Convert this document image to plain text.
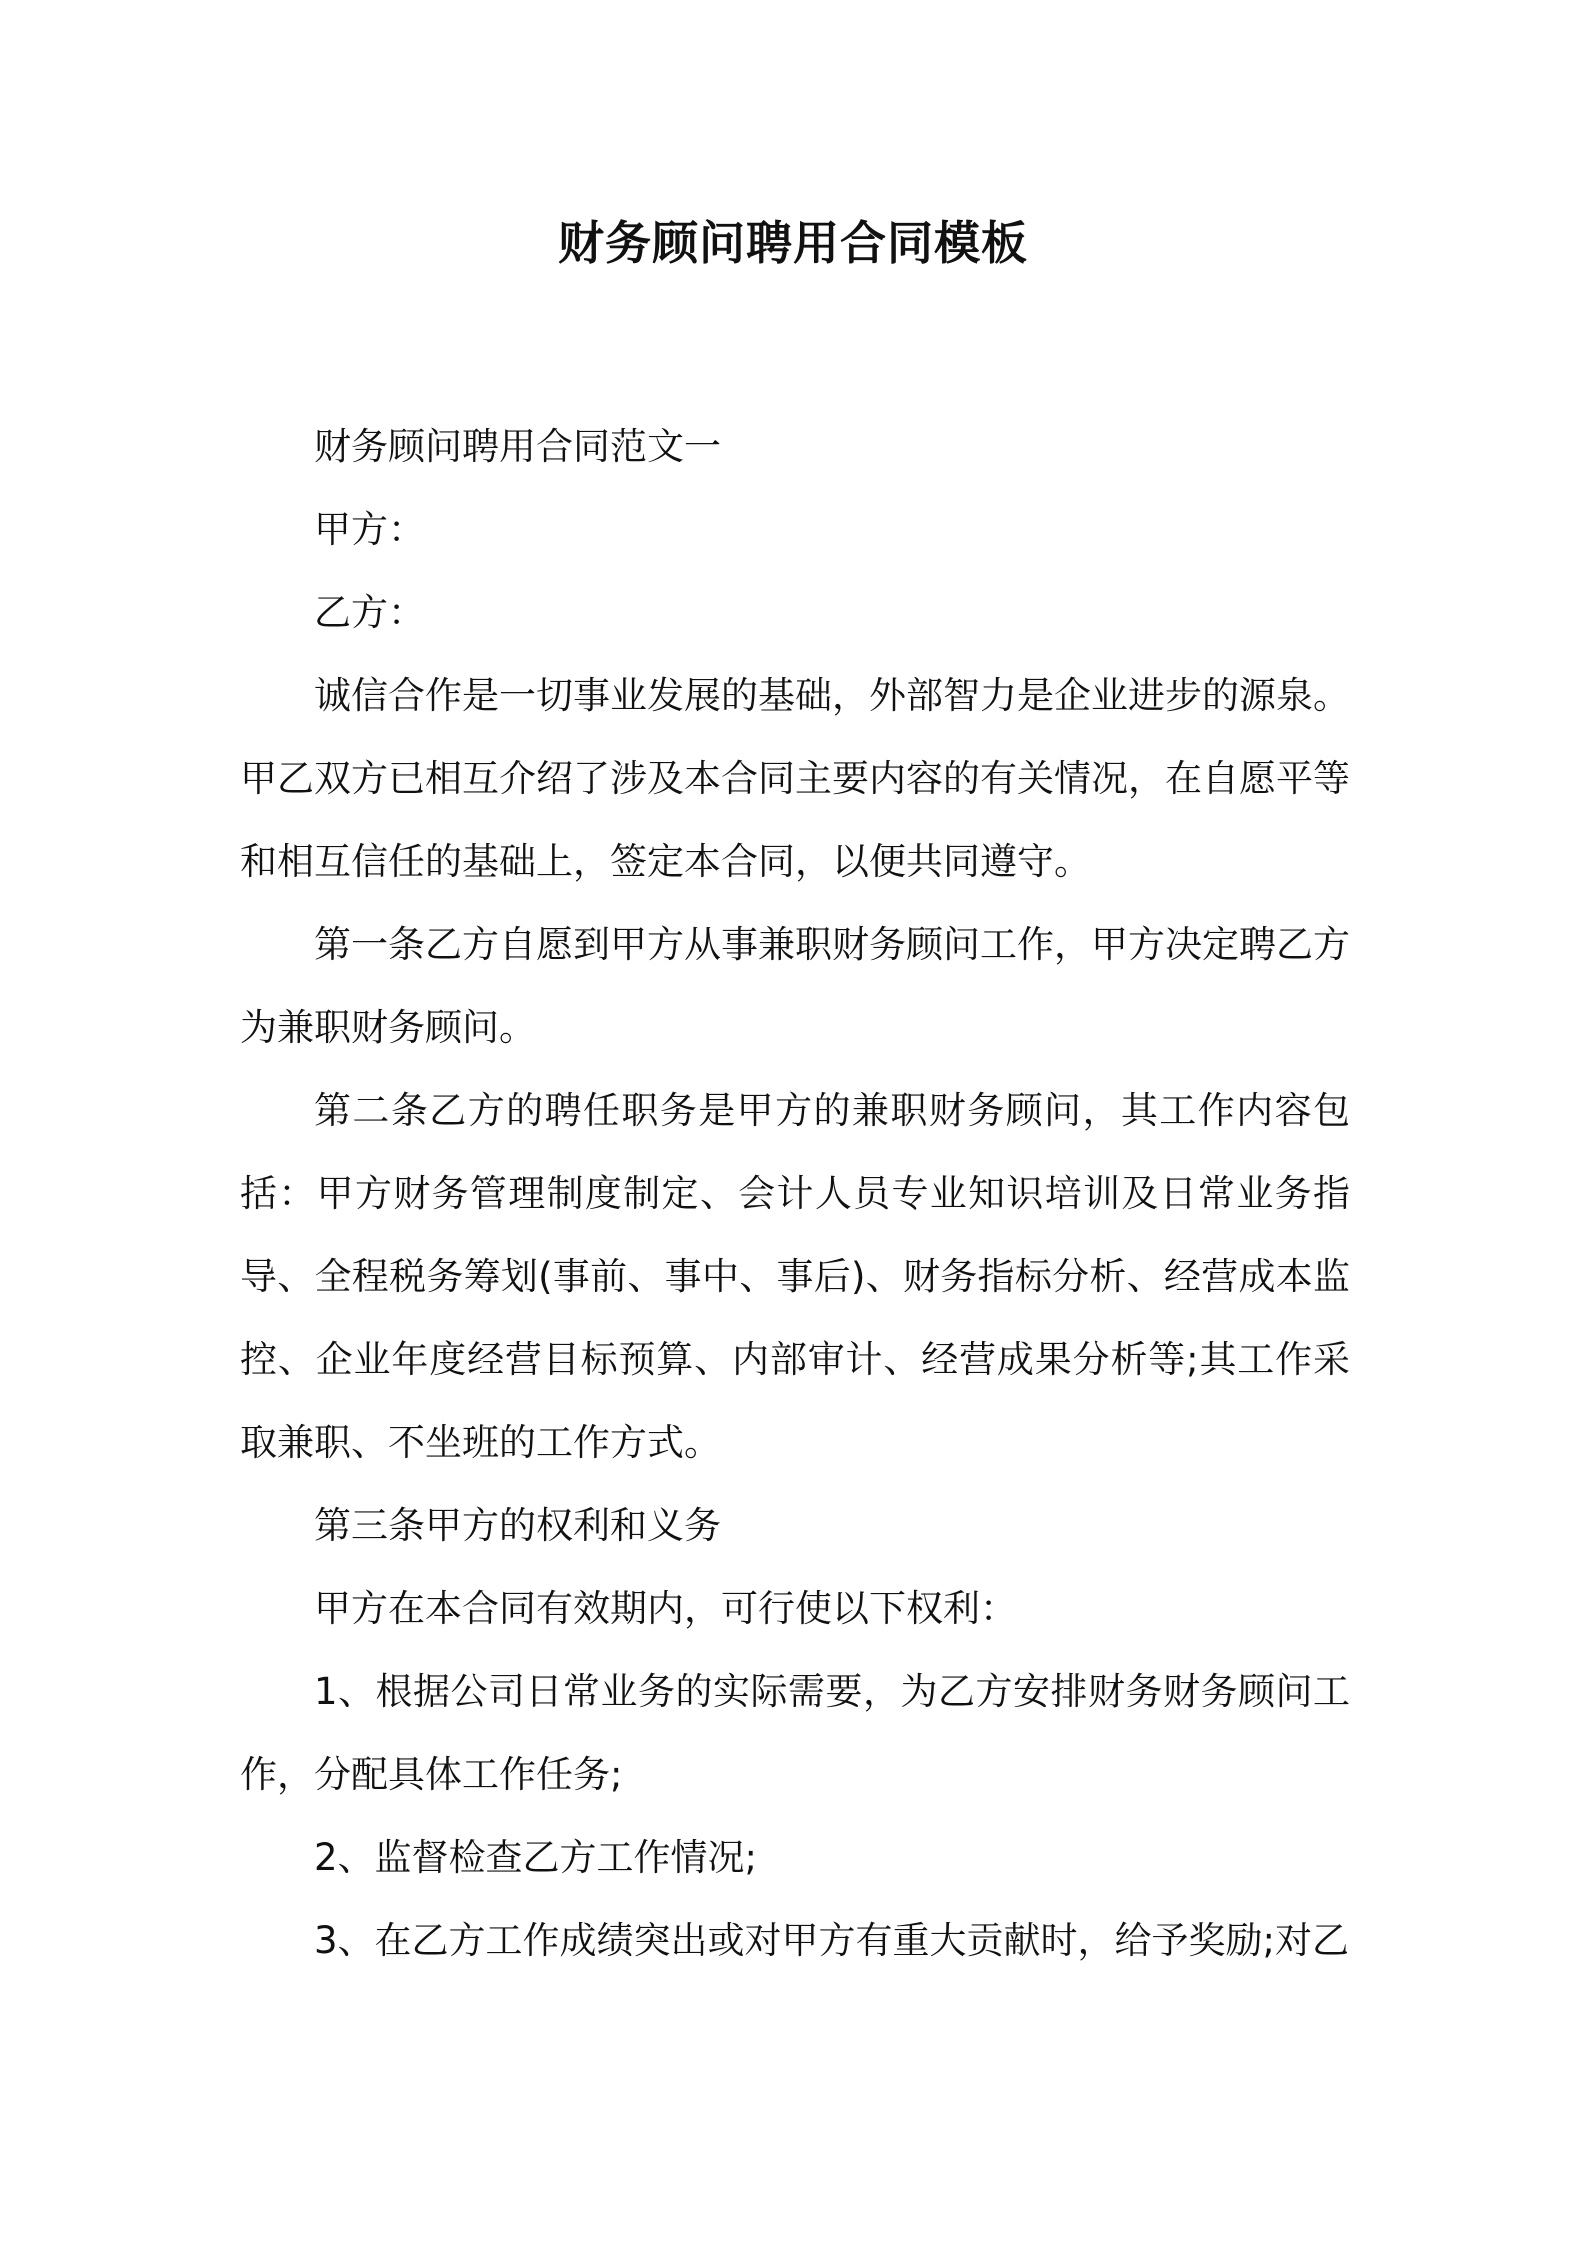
财务顾问聘用合同模板

财务顾问聘用合同范文一

甲方：

乙方：

诚信合作是一切事业发展的基础，外部智力是企业进步的源泉。甲乙双方已相互介绍了涉及本合同主要内容的有关情况，在自愿平等和相互信任的基础上，签定本合同，以便共同遵守。

第一条乙方自愿到甲方从事兼职财务顾问工作，甲方决定聘乙方为兼职财务顾问。

第二条乙方的聘任职务是甲方的兼职财务顾问，其工作内容包括：甲方财务管理制度制定、会计人员专业知识培训及日常业务指导、全程税务筹划(事前、事中、事后)、财务指标分析、经营成本监控、企业年度经营目标预算、内部审计、经营成果分析等;其工作采取兼职、不坐班的工作方式。

第三条甲方的权利和义务

甲方在本合同有效期内，可行使以下权利：

1、根据公司日常业务的实际需要，为乙方安排财务财务顾问工作，分配具体工作任务;

2、监督检查乙方工作情况;

3、在乙方工作成绩突出或对甲方有重大贡献时，给予奖励;对乙
